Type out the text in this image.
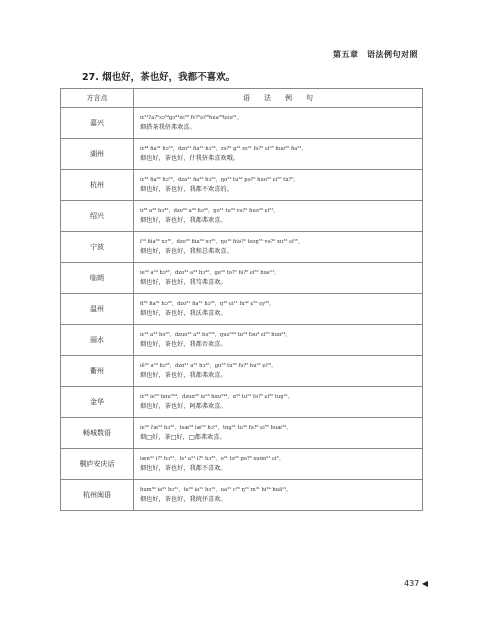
第五章　语法例句对照
27. 烟也好，茶也好，我都不喜欢。
方言点	语　　法　　例　　句
嘉兴	iɛ⁵³ʔa?⁵sɔ⁵³ɡɔ²³zɛ³³ fv?⁵ɕi⁵⁵hua³³tɕiə⁵¹。
烟搭茶我侪弗欢喜。

湖州	iɛ⁴⁴ ɦa³¹ hɔ⁵³，dzo³¹ ɦa³¹ hɔ⁵³，zə?² ɡ³¹ zɛ³¹ fə?⁵ ɕi⁵⁵ huo⁵⁵ ɦa³¹。
烟也好，茶也好，什我侪弗喜欢哦。

杭州	iɛ³³ ɦa⁵³ hɔ⁵³，dza³¹ ɦa³³ hɔ⁵³，ŋo⁵³ tu³³ pə?⁵ huo⁵⁵ ɕi⁵⁵ tiɪ?⁵。
烟也好，茶也好，我都不欢喜的。

绍兴	iɪ³³ a³³ hɔ⁴⁵，dzo³³ a³³ hɔ⁴⁵，ŋo¹¹ tu³³ və?² huə³³ ɕi⁵¹。
烟也好，茶也好，我都弗欢喜。

宁波	i⁵³ ɦia³³ xɔ³⁵，dzo²³ ɦia³³ xɔ³⁵，ŋo¹³ ɦiə?² tsoŋ⁵⁵ və?² xu³³ ɕi⁵⁵。
烟也好，茶也好，我和总弗欢喜。

临朗	ie³³ a³³ hɔ⁴⁵，dzo³³ a³³ hɔ⁴⁵，ɡe²² tə?⁵ fə?⁵ ɕi⁵³ hue²¹。
烟也好，茶也好，我笃弗喜欢。

温州	fi³³ ɦa³¹ hɔ³⁵，dzo³¹ ɦa³¹ hɔ³⁵，ŋ³⁵ ɕi¹¹ fu⁴² ɕ⁵⁵ ɕy³³。
烟也好，茶也好，我沃弗喜欢。

丽水	iɛ²⁴ a³³ hə⁵⁵，dzuo²² a³³ hə⁵⁵⁴，ŋuo⁵⁴⁴ tu²⁴ fəu⁴ ɕi⁵⁵ huɑ²⁴。
烟也好，茶也好，我都否欢喜。

衢州	iẽ³² a³³ hɔ³⁵，dzɑ²¹ a²² hɔ³⁵，ɡu⁵³ tu³³ fə?⁵ hu²² ɕi⁵³。
烟也好，茶也好，我都弗欢喜。

金华	iɛ³³ ie⁵³ hɑu⁵⁴⁴，dzuɑ³³ ie⁵³ hɑu⁵⁴⁴，ɑ⁵³ tu⁵³ fə?⁵ ɕi⁵⁵ tuŋ²¹。
烟也好，茶也好，阿都弗欢喜。

畅城数语	ie³³ ʔæ⁵³ hɔ³⁵，tsæ⁵³ læ⁵³ hɔ²¹，tnɡ²¹ tu³³ fə?⁵ ɕi⁵⁵ huæ⁵³。
烟□好，茶□好，□都弗欢喜。

桐庐安庆话	iæn³¹ i?⁵ hɔ²¹，ts¹ a³¹ i?⁵ hɔ³⁵，o²¹ tə²⁵ pə?⁵ xuɑn²¹ ɕi⁵。
烟也好，茶也好，我都不喜欢。

杭州闽语	hum³³ ia³¹ hɔ²¹，te³³ ia²¹ hɔ²¹，ua³¹ c²⁵ ŋ²¹ m³¹ hi²⁴ huā²¹。
烟也好，茶也好，我统伓喜欢。
437 ◀
